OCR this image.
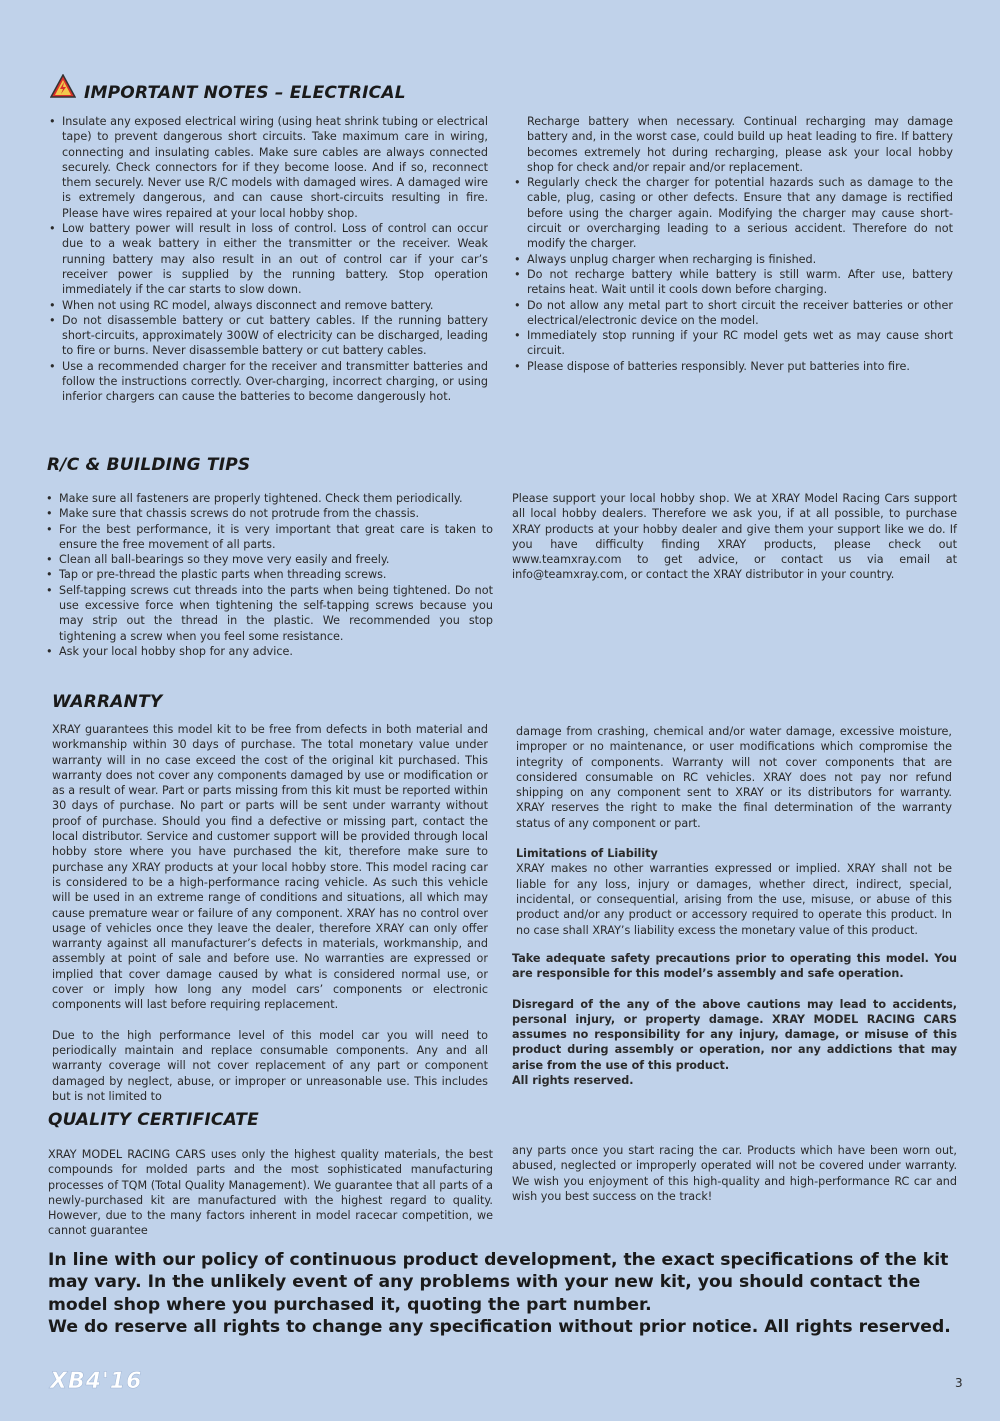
IMPORTANT NOTES – ELECTRICAL
• Insulate any exposed electrical wiring (using heat shrink tubing or electrical tape) to prevent dangerous short circuits. Take maximum care in wiring, connecting and insulating cables. Make sure cables are always connected securely. Check connectors for if they become loose. And if so, reconnect them securely. Never use R/C models with damaged wires. A damaged wire is extremely dangerous, and can cause short-circuits resulting in fire. Please have wires repaired at your local hobby shop.
• Low battery power will result in loss of control. Loss of control can occur due to a weak battery in either the transmitter or the receiver. Weak running battery may also result in an out of control car if your car’s receiver power is supplied by the running battery. Stop operation immediately if the car starts to slow down.
• When not using RC model, always disconnect and remove battery.
• Do not disassemble battery or cut battery cables. If the running battery short-circuits, approximately 300W of electricity can be discharged, leading to fire or burns. Never disassemble battery or cut battery cables.
• Use a recommended charger for the receiver and transmitter batteries and follow the instructions correctly. Over-charging, incorrect charging, or using inferior chargers can cause the batteries to become dangerously hot.

Recharge battery when necessary. Continual recharging may damage battery and, in the worst case, could build up heat leading to fire. If battery becomes extremely hot during recharging, please ask your local hobby shop for check and/or repair and/or replacement.

• Regularly check the charger for potential hazards such as damage to the cable, plug, casing or other defects. Ensure that any damage is rectified before using the charger again. Modifying the charger may cause short-circuit or overcharging leading to a serious accident. Therefore do not modify the charger.
• Always unplug charger when recharging is finished.
• Do not recharge battery while battery is still warm. After use, battery retains heat. Wait until it cools down before charging.
• Do not allow any metal part to short circuit the receiver batteries or other electrical/electronic device on the model.
• Immediately stop running if your RC model gets wet as may cause short circuit.
• Please dispose of batteries responsibly. Never put batteries into fire.
R/C & BUILDING TIPS
• Make sure all fasteners are properly tightened. Check them periodically.
• Make sure that chassis screws do not protrude from the chassis.
• For the best performance, it is very important that great care is taken to ensure the free movement of all parts.
• Clean all ball-bearings so they move very easily and freely.
• Tap or pre-thread the plastic parts when threading screws.
• Self-tapping screws cut threads into the parts when being tightened. Do not use excessive force when tightening the self-tapping screws because you may strip out the thread in the plastic. We recommended you stop tightening a screw when you feel some resistance.
• Ask your local hobby shop for any advice.
Please support your local hobby shop. We at XRAY Model Racing Cars support all local hobby dealers. Therefore we ask you, if at all possible, to purchase XRAY products at your hobby dealer and give them your support like we do. If you have difficulty finding XRAY products, please check out www.teamxray.com to get advice, or contact us via email at info@teamxray.com, or contact the XRAY distributor in your country.
WARRANTY

XRAY guarantees this model kit to be free from defects in both material and workmanship within 30 days of purchase. The total monetary value under warranty will in no case exceed the cost of the original kit purchased. This warranty does not cover any components damaged by use or modification or as a result of wear. Part or parts missing from this kit must be reported within 30 days of purchase. No part or parts will be sent under warranty without proof of purchase. Should you find a defective or missing part, contact the local distributor. Service and customer support will be provided through local hobby store where you have purchased the kit, therefore make sure to purchase any XRAY products at your local hobby store. This model racing car is considered to be a high-performance racing vehicle. As such this vehicle will be used in an extreme range of conditions and situations, all which may cause premature wear or failure of any component. XRAY has no control over usage of vehicles once they leave the dealer, therefore XRAY can only offer warranty against all manufacturer’s defects in materials, workmanship, and assembly at point of sale and before use. No warranties are expressed or implied that cover damage caused by what is considered normal use, or cover or imply how long any model cars’ components or electronic components will last before requiring replacement.

Due to the high performance level of this model car you will need to periodically maintain and replace consumable components. Any and all warranty coverage will not cover replacement of any part or component damaged by neglect, abuse, or improper or unreasonable use. This includes but is not limited to

damage from crashing, chemical and/or water damage, excessive moisture, improper or no maintenance, or user modifications which compromise the integrity of components. Warranty will not cover components that are considered consumable on RC vehicles. XRAY does not pay nor refund shipping on any component sent to XRAY or its distributors for warranty. XRAY reserves the right to make the final determination of the warranty status of any component or part.

Limitations of Liability

XRAY makes no other warranties expressed or implied. XRAY shall not be liable for any loss, injury or damages, whether direct, indirect, special, incidental, or consequential, arising from the use, misuse, or abuse of this product and/or any product or accessory required to operate this product. In no case shall XRAY’s liability excess the monetary value of this product.

Take adequate safety precautions prior to operating this model. You are responsible for this model’s assembly and safe operation.

Disregard of the any of the above cautions may lead to accidents, personal injury, or property damage. XRAY MODEL RACING CARS assumes no responsibility for any injury, damage, or misuse of this product during assembly or operation, nor any addictions that may arise from the use of this product.

All rights reserved.

QUALITY CERTIFICATE
XRAY MODEL RACING CARS uses only the highest quality materials, the best compounds for molded parts and the most sophisticated manufacturing processes of TQM (Total Quality Management). We guarantee that all parts of a newly-purchased kit are manufactured with the highest regard to quality. However, due to the many factors inherent in model racecar competition, we cannot guarantee
any parts once you start racing the car. Products which have been worn out, abused, neglected or improperly operated will not be covered under warranty. We wish you enjoyment of this high-quality and high-performance RC car and wish you best success on the track!

In line with our policy of continuous product development, the exact specifications of the kit may vary. In the unlikely event of any problems with your new kit, you should contact the model shop where you purchased it, quoting the part number.

We do reserve all rights to change any specification without prior notice. All rights reserved.

XB4'16	3
